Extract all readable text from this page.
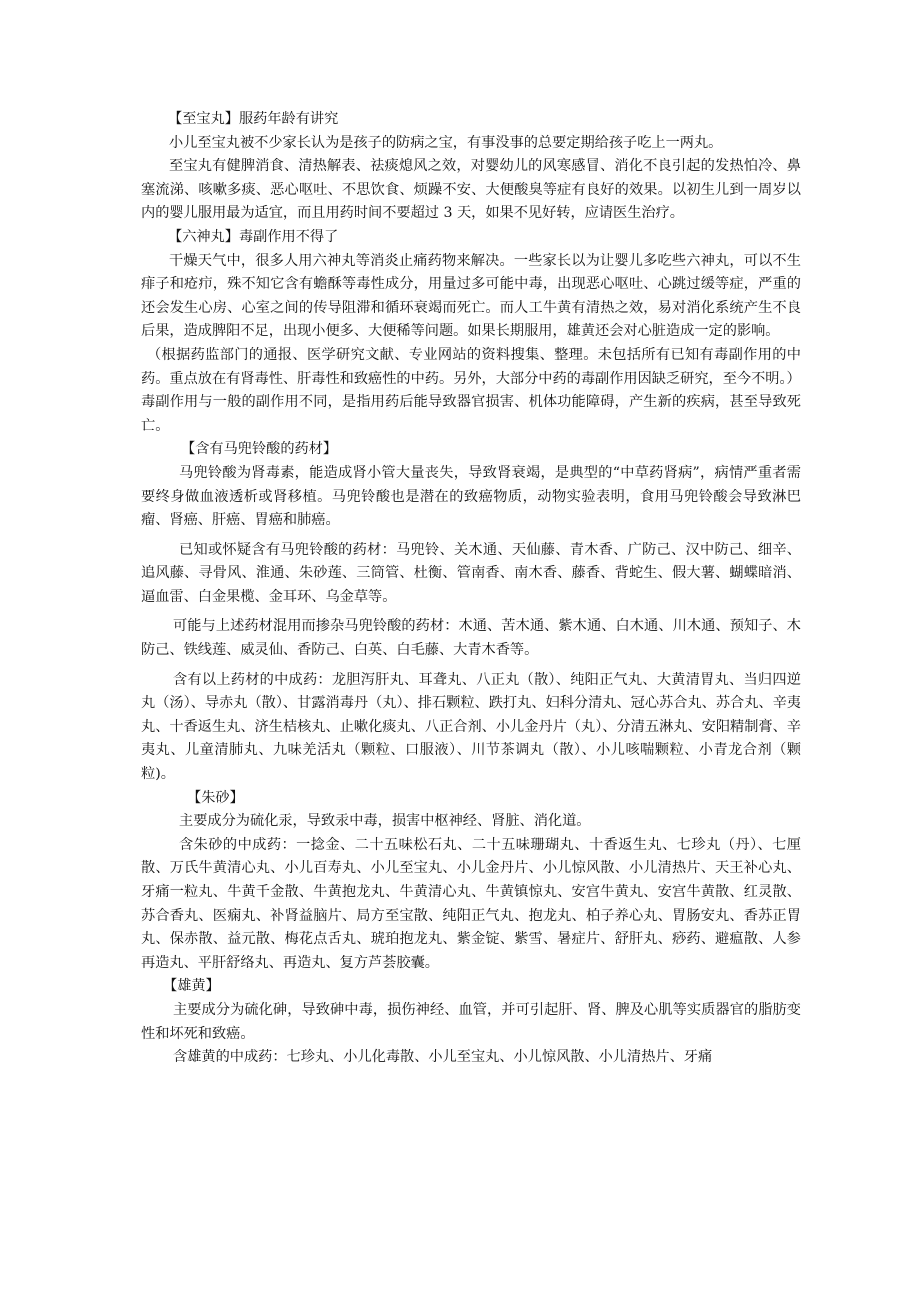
【至宝丸】服药年龄有讲究

小儿至宝丸被不少家长认为是孩子的防病之宝，有事没事的总要定期给孩子吃上一两丸。

至宝丸有健脾消食、清热解表、祛痰熄风之效，对婴幼儿的风寒感冒、消化不良引起的发热怕冷、鼻塞流涕、咳嗽多痰、恶心呕吐、不思饮食、烦躁不安、大便酸臭等症有良好的效果。以初生儿到一周岁以内的婴儿服用最为适宜，而且用药时间不要超过 3 天，如果不见好转，应请医生治疗。

【六神丸】毒副作用不得了

干燥天气中，很多人用六神丸等消炎止痛药物来解决。一些家长以为让婴儿多吃些六神丸，可以不生痱子和疮疖，殊不知它含有蟾酥等毒性成分，用量过多可能中毒，出现恶心呕吐、心跳过缓等症，严重的还会发生心房、心室之间的传导阻滞和循环衰竭而死亡。而人工牛黄有清热之效，易对消化系统产生不良后果，造成脾阳不足，出现小便多、大便稀等问题。如果长期服用，雄黄还会对心脏造成一定的影响。

（根据药监部门的通报、医学研究文献、专业网站的资料搜集、整理。未包括所有已知有毒副作用的中药。重点放在有肾毒性、肝毒性和致癌性的中药。另外，大部分中药的毒副作用因缺乏研究，至今不明。）

毒副作用与一般的副作用不同，是指用药后能导致器官损害、机体功能障碍，产生新的疾病，甚至导致死亡。

【含有马兜铃酸的药材】

马兜铃酸为肾毒素，能造成肾小管大量丧失，导致肾衰竭，是典型的“中草药肾病”，病情严重者需要终身做血液透析或肾移植。马兜铃酸也是潜在的致癌物质，动物实验表明，食用马兜铃酸会导致淋巴瘤、肾癌、肝癌、胃癌和肺癌。

已知或怀疑含有马兜铃酸的药材：马兜铃、关木通、天仙藤、青木香、广防己、汉中防己、细辛、追风藤、寻骨风、淮通、朱砂莲、三筒管、杜衡、管南香、南木香、藤香、背蛇生、假大薯、蝴蝶暗消、逼血雷、白金果榄、金耳环、乌金草等。

可能与上述药材混用而掺杂马兜铃酸的药材：木通、苦木通、紫木通、白木通、川木通、预知子、木防己、铁线莲、威灵仙、香防己、白英、白毛藤、大青木香等。

含有以上药材的中成药：龙胆泻肝丸、耳聋丸、八正丸（散）、纯阳正气丸、大黄清胃丸、当归四逆丸（汤）、导赤丸（散）、甘露消毒丹（丸）、排石颗粒、跌打丸、妇科分清丸、冠心苏合丸、苏合丸、辛夷丸、十香返生丸、济生桔核丸、止嗽化痰丸、八正合剂、小儿金丹片（丸）、分清五淋丸、安阳精制膏、辛夷丸、儿童清肺丸、九味羌活丸（颗粒、口服液）、川节茶调丸（散）、小儿咳喘颗粒、小青龙合剂（颗粒)。

【朱砂】

主要成分为硫化汞，导致汞中毒，损害中枢神经、肾脏、消化道。

含朱砂的中成药：一捻金、二十五味松石丸、二十五味珊瑚丸、十香返生丸、七珍丸（丹）、七厘散、万氏牛黄清心丸、小儿百寿丸、小儿至宝丸、小儿金丹片、小儿惊风散、小儿清热片、天王补心丸、牙痛一粒丸、牛黄千金散、牛黄抱龙丸、牛黄清心丸、牛黄镇惊丸、安宫牛黄丸、安宫牛黄散、红灵散、苏合香丸、医痫丸、补肾益脑片、局方至宝散、纯阳正气丸、抱龙丸、柏子养心丸、胃肠安丸、香苏正胃丸、保赤散、益元散、梅花点舌丸、琥珀抱龙丸、紫金锭、紫雪、暑症片、舒肝丸、痧药、避瘟散、人参再造丸、平肝舒络丸、再造丸、复方芦荟胶囊。

【雄黄】

主要成分为硫化砷，导致砷中毒，损伤神经、血管，并可引起肝、肾、脾及心肌等实质器官的脂肪变性和坏死和致癌。

含雄黄的中成药：七珍丸、小儿化毒散、小儿至宝丸、小儿惊风散、小儿清热片、牙痛
